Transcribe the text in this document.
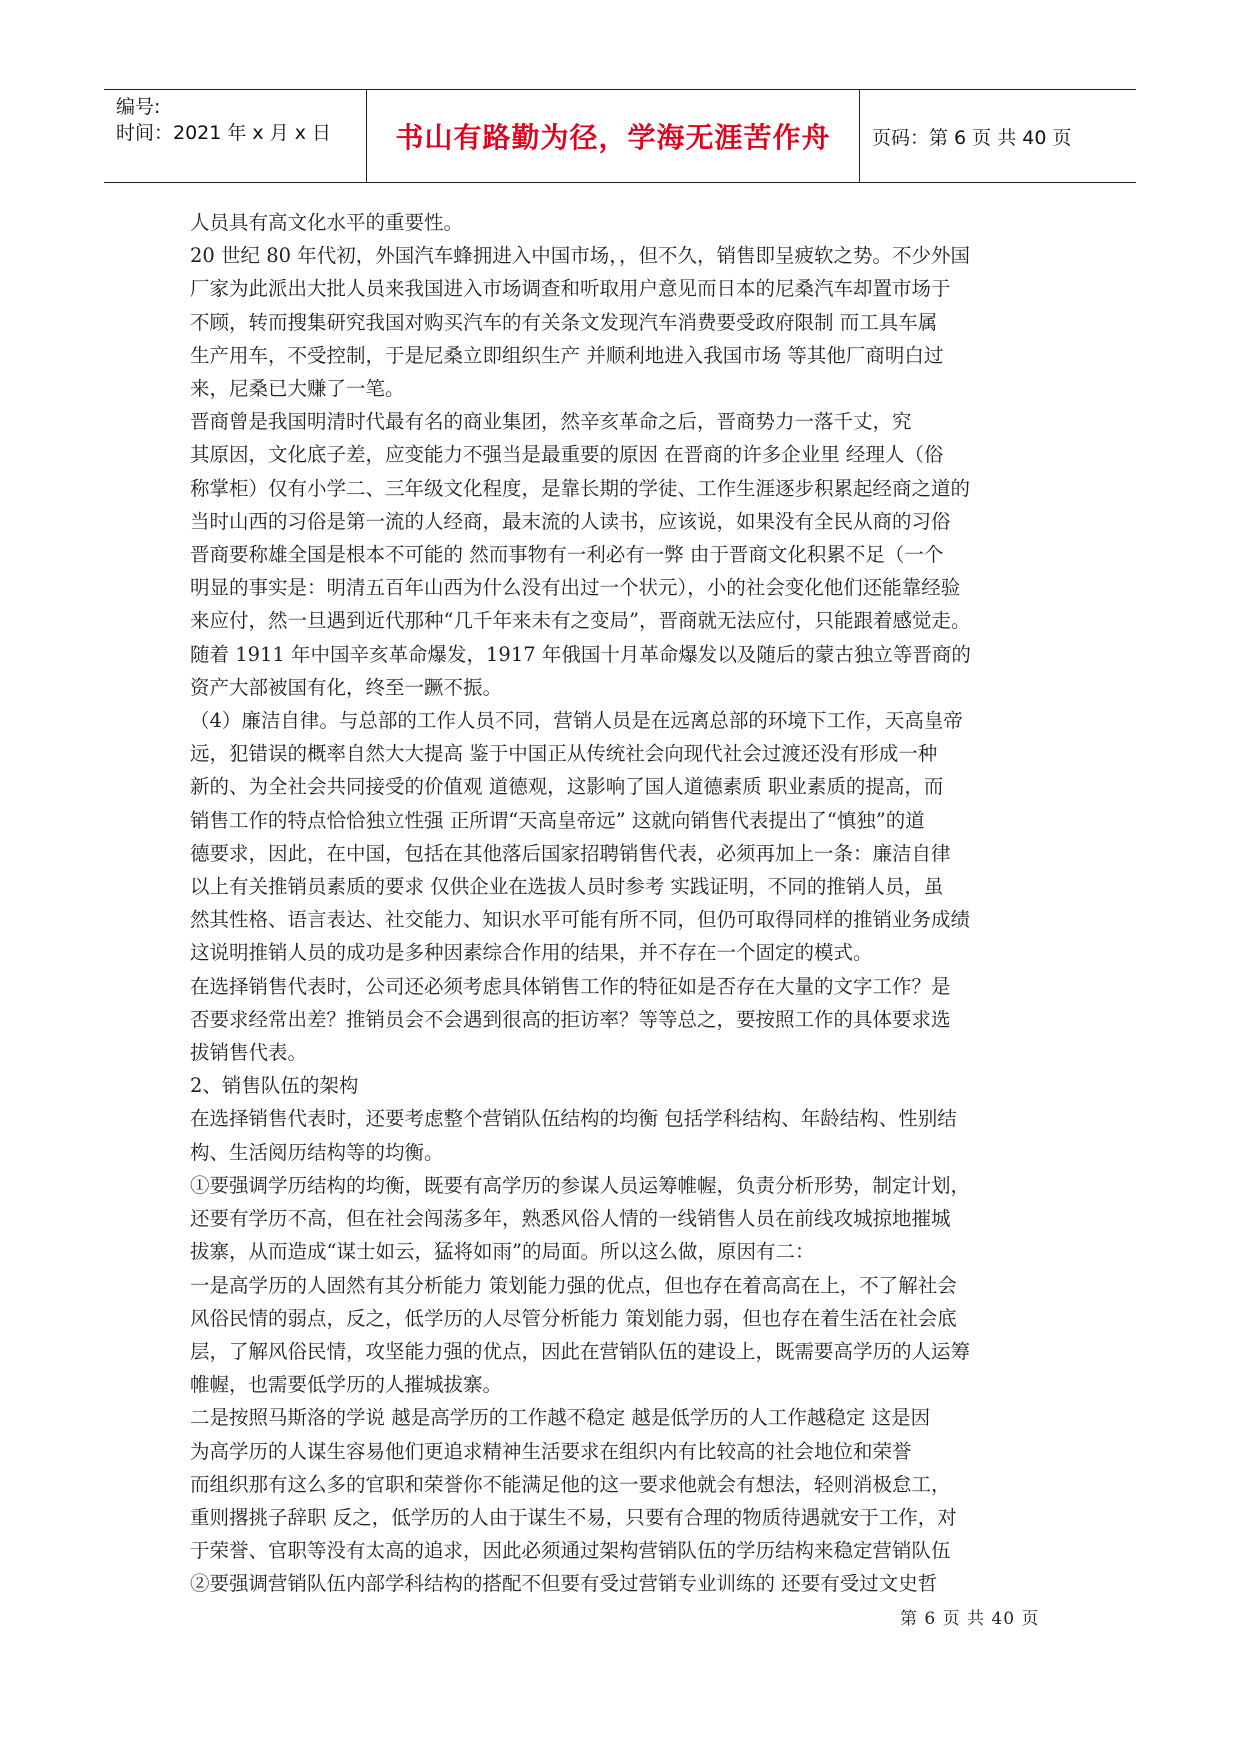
编号:
时间：2021 年 x 月 x 日	书山有路勤为径，学海无涯苦作舟	页码：第 6 页 共 40 页

人员具有高文化水平的重要性。

20 世纪 80 年代初，外国汽车蜂拥进入中国市场，，但不久，销售即呈疲软之势。不少外国

厂家为此派出大批人员来我国进入市场调查和听取用户意见而日本的尼桑汽车却置市场于

不顾，转而搜集研究我国对购买汽车的有关条文发现汽车消费要受政府限制 而工具车属

生产用车，不受控制，于是尼桑立即组织生产 并顺利地进入我国市场 等其他厂商明白过

来，尼桑已大赚了一笔。

晋商曾是我国明清时代最有名的商业集团，然辛亥革命之后，晋商势力一落千丈，究

其原因，文化底子差，应变能力不强当是最重要的原因 在晋商的许多企业里 经理人（俗

称掌柜）仅有小学二、三年级文化程度，是靠长期的学徒、工作生涯逐步积累起经商之道的

当时山西的习俗是第一流的人经商，最末流的人读书，应该说，如果没有全民从商的习俗

晋商要称雄全国是根本不可能的 然而事物有一利必有一弊 由于晋商文化积累不足（一个

明显的事实是：明清五百年山西为什么没有出过一个状元），小的社会变化他们还能靠经验

来应付，然一旦遇到近代那种“几千年来未有之变局”，晋商就无法应付，只能跟着感觉走。

随着 1911 年中国辛亥革命爆发，1917 年俄国十月革命爆发以及随后的蒙古独立等晋商的

资产大部被国有化，终至一蹶不振。

（4）廉洁自律。与总部的工作人员不同，营销人员是在远离总部的环境下工作，天高皇帝

远，犯错误的概率自然大大提高 鉴于中国正从传统社会向现代社会过渡还没有形成一种

新的、为全社会共同接受的价值观 道德观，这影响了国人道德素质 职业素质的提高，而

销售工作的特点恰恰独立性强 正所谓“天高皇帝远” 这就向销售代表提出了“慎独”的道

德要求，因此，在中国，包括在其他落后国家招聘销售代表，必须再加上一条：廉洁自律

以上有关推销员素质的要求 仅供企业在选拔人员时参考 实践证明，不同的推销人员，虽

然其性格、语言表达、社交能力、知识水平可能有所不同，但仍可取得同样的推销业务成绩

这说明推销人员的成功是多种因素综合作用的结果，并不存在一个固定的模式。

在选择销售代表时，公司还必须考虑具体销售工作的特征如是否存在大量的文字工作？是

否要求经常出差？推销员会不会遇到很高的拒访率？等等总之，要按照工作的具体要求选

拔销售代表。

2、销售队伍的架构

在选择销售代表时，还要考虑整个营销队伍结构的均衡 包括学科结构、年龄结构、性别结

构、生活阅历结构等的均衡。

①要强调学历结构的均衡，既要有高学历的参谋人员运筹帷幄，负责分析形势，制定计划，

还要有学历不高，但在社会闯荡多年，熟悉风俗人情的一线销售人员在前线攻城掠地摧城

拔寨，从而造成“谋士如云，猛将如雨”的局面。所以这么做，原因有二：

一是高学历的人固然有其分析能力 策划能力强的优点，但也存在着高高在上，不了解社会

风俗民情的弱点，反之，低学历的人尽管分析能力 策划能力弱，但也存在着生活在社会底

层，了解风俗民情，攻坚能力强的优点，因此在营销队伍的建设上，既需要高学历的人运筹

帷幄，也需要低学历的人摧城拔寨。

二是按照马斯洛的学说 越是高学历的工作越不稳定 越是低学历的人工作越稳定 这是因

为高学历的人谋生容易他们更追求精神生活要求在组织内有比较高的社会地位和荣誉

而组织那有这么多的官职和荣誉你不能满足他的这一要求他就会有想法，轻则消极怠工，

重则撂挑子辞职 反之，低学历的人由于谋生不易，只要有合理的物质待遇就安于工作，对

于荣誉、官职等没有太高的追求，因此必须通过架构营销队伍的学历结构来稳定营销队伍

②要强调营销队伍内部学科结构的搭配不但要有受过营销专业训练的 还要有受过文史哲

第 6 页 共 40 页
